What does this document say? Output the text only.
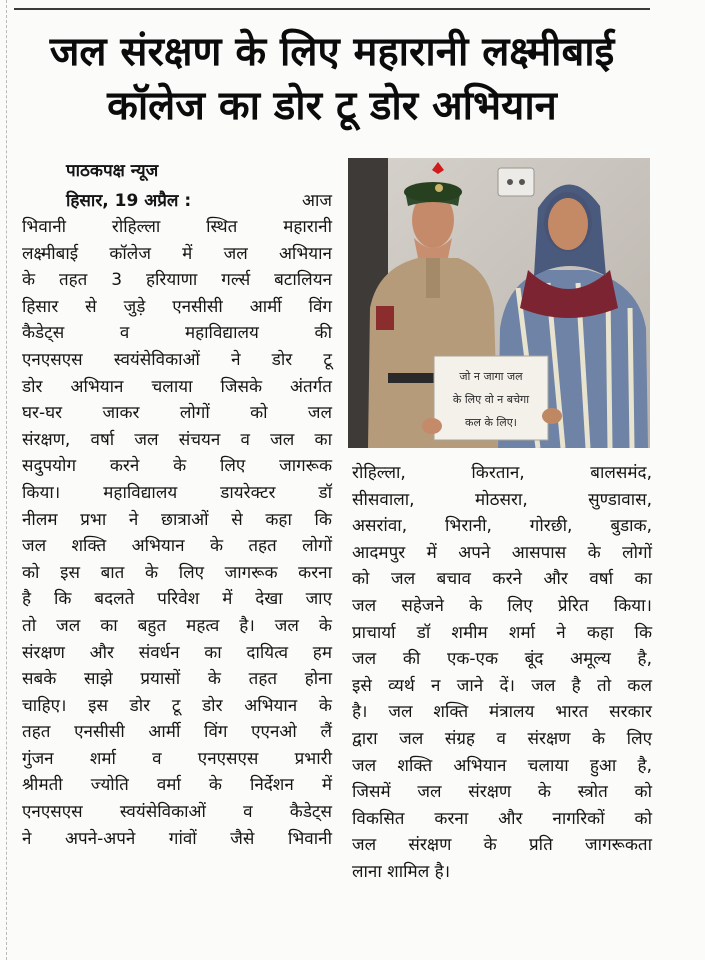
जल संरक्षण के लिए महारानी लक्ष्मीबाई
कॉलेज का डोर टू डोर अभियान
पाठकपक्ष न्यूज
हिसार, 19 अप्रैल :	आज
जो न जागा जल
के लिए वो न बचेगा
कल के लिए।
भिवानी रोहिल्ला स्थित महारानी
लक्ष्मीबाई कॉलेज में जल अभियान
के तहत 3 हरियाणा गर्ल्स बटालियन
हिसार से जुड़े एनसीसी आर्मी विंग
कैडेट्स व महाविद्यालय की
एनएसएस स्वयंसेविकाओं ने डोर टू
डोर अभियान चलाया जिसके अंतर्गत
घर-घर जाकर लोगों को जल
संरक्षण, वर्षा जल संचयन व जल का
सदुपयोग करने के लिए जागरूक
किया। महाविद्यालय डायरेक्टर डॉ
नीलम प्रभा ने छात्राओं से कहा कि
जल शक्ति अभियान के तहत लोगों
को इस बात के लिए जागरूक करना
है कि बदलते परिवेश में देखा जाए
तो जल का बहुत महत्व है। जल के
संरक्षण और संवर्धन का दायित्व हम
सबके साझे प्रयासों के तहत होना
चाहिए। इस डोर टू डोर अभियान के
तहत एनसीसी आर्मी विंग एएनओ लैं
गुंजन शर्मा व एनएसएस प्रभारी
श्रीमती ज्योति वर्मा के निर्देशन में
एनएसएस स्वयंसेविकाओं व कैडेट्स
ने अपने-अपने गांवों जैसे भिवानी
रोहिल्ला, किरतान, बालसमंद,
सीसवाला, मोठसरा, सुण्डावास,
असरांवा, भिरानी, गोरछी, बुडाक,
आदमपुर में अपने आसपास के लोगों
को जल बचाव करने और वर्षा का
जल सहेजने के लिए प्रेरित किया।
प्राचार्या डॉ शमीम शर्मा ने कहा कि
जल की एक-एक बूंद अमूल्य है,
इसे व्यर्थ न जाने दें। जल है तो कल
है। जल शक्ति मंत्रालय भारत सरकार
द्वारा जल संग्रह व संरक्षण के लिए
जल शक्ति अभियान चलाया हुआ है,
जिसमें जल संरक्षण के स्त्रोत को
विकसित करना और नागरिकों को
जल संरक्षण के प्रति जागरूकता
लाना शामिल है।
